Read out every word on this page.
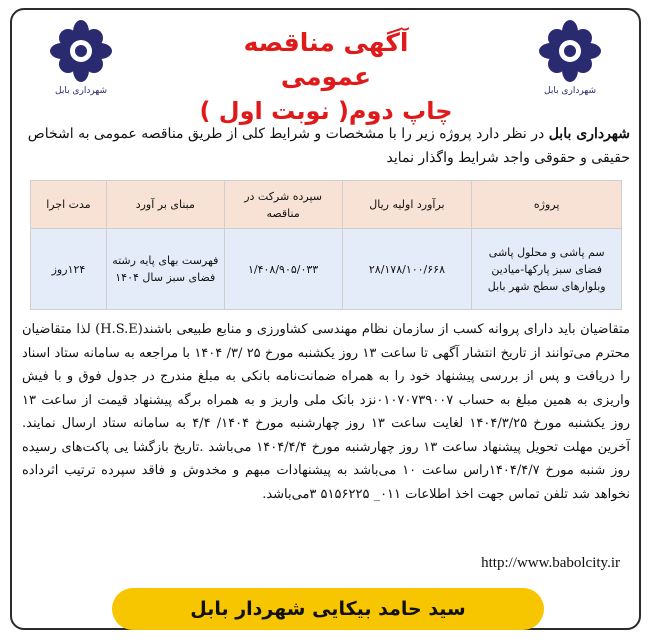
شهرداری بابل	شهرداری بابل
آگهی مناقصه عمومی
( نوبت اول )چاپ دوم
شهرداری بابل در نظر دارد پروژه زیر را با مشخصات و شرایط کلی از طریق مناقصه عمومی به اشخاص حقیقی و حقوقی واجد شرایط واگذار نماید
پروژه	برآورد اولیه ریال	سپرده شرکت در مناقصه	مبنای بر آورد	مدت اجرا
سم پاشی و محلول پاشی فضای سبز پارکها-میادین وبلوارهای سطح شهر بابل	۲۸/۱۷۸/۱۰۰/۶۶۸	۱/۴۰۸/۹۰۵/۰۳۳	فهرست بهای پایه رشته فضای سبز سال ۱۴۰۴	۱۲۴روز
متقاضیان باید دارای پروانه کسب از سازمان نظام مهندسی کشاورزی و منابع طبیعی باشند(H.S.E) لذا متقاضیان محترم می‌توانند از تاریخ انتشار آگهی تا ساعت ۱۳ روز یکشنبه مورخ ۲۵ /۳/ ۱۴۰۴ با مراجعه به سامانه ستاد اسناد را دریافت و پس از بررسی پیشنهاد خود را به همراه ضمانت‌نامه بانکی به مبلغ مندرج در جدول فوق و با فیش واریزی به همین مبلغ به حساب ۰۱۰۷۰۷۳۹۰۰۷نزد بانک ملی واریز و به همراه برگه پیشنهاد قیمت از ساعت ۱۳ روز یکشنبه مورخ ۱۴۰۴/۳/۲۵ لغایت ساعت ۱۳ روز چهارشنبه مورخ ۱۴۰۴/ ۴/۴ به سامانه ستاد ارسال نمایند. آخرین مهلت تحویل پیشنهاد ساعت ۱۳ روز چهارشنبه مورخ ۱۴۰۴/۴/۴ می‌باشد .تاریخ بازگشا یی پاکت‌های رسیده روز شنبه مورخ ۱۴۰۴/۴/۷راس ساعت ۱۰ می‌باشد به پیشنهادات مبهم و مخدوش و فاقد سپرده ترتیب اثرداده نخواهد شد تلفن تماس جهت اخذ اطلاعات ۰۱۱_ ۵۱۵۶۲۲۵ ۳می‌باشد.
http://www.babolcity.ir
سید حامد بیکایی شهردار بابل
